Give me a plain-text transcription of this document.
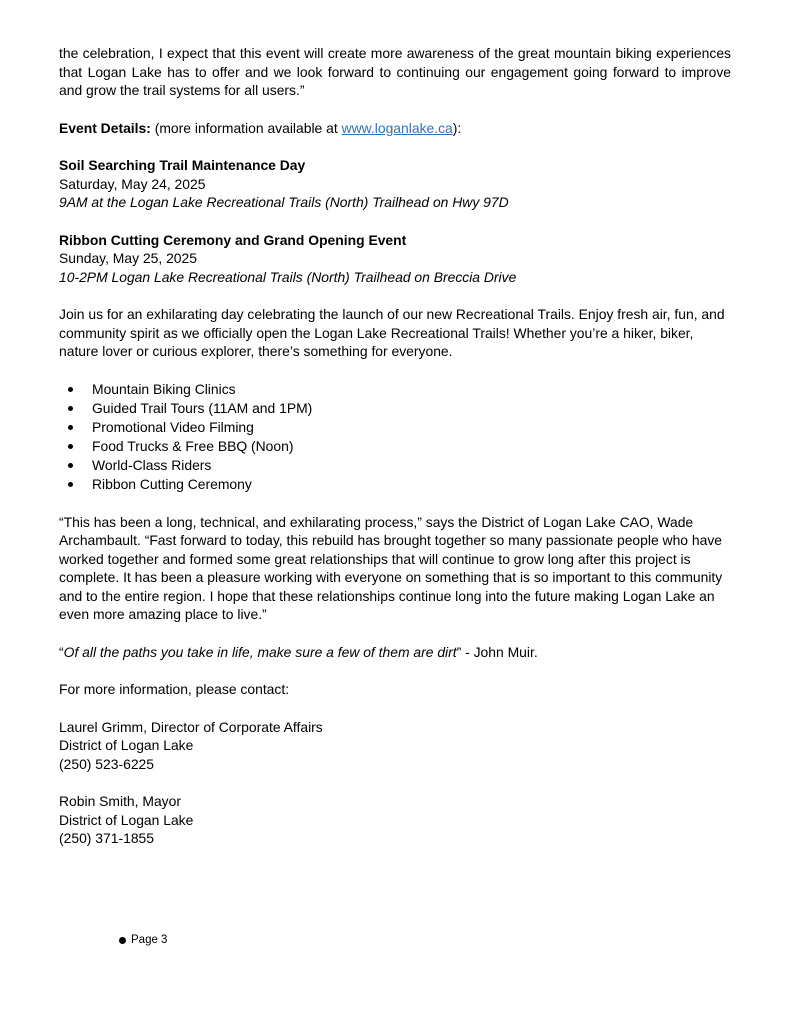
the celebration, I expect that this event will create more awareness of the great mountain biking experiences that Logan Lake has to offer and we look forward to continuing our engagement going forward to improve and grow the trail systems for all users.”

Event Details: (more information available at www.loganlake.ca):

Soil Searching Trail Maintenance Day

Saturday, May 24, 2025

9AM at the Logan Lake Recreational Trails (North) Trailhead on Hwy 97D

Ribbon Cutting Ceremony and Grand Opening Event

Sunday, May 25, 2025

10-2PM Logan Lake Recreational Trails (North) Trailhead on Breccia Drive

Join us for an exhilarating day celebrating the launch of our new Recreational Trails. Enjoy fresh air, fun, and community spirit as we officially open the Logan Lake Recreational Trails! Whether you’re a hiker, biker, nature lover or curious explorer, there’s something for everyone.

Mountain Biking Clinics
Guided Trail Tours (11AM and 1PM)
Promotional Video Filming
Food Trucks & Free BBQ (Noon)
World-Class Riders
Ribbon Cutting Ceremony

“This has been a long, technical, and exhilarating process,” says the District of Logan Lake CAO, Wade Archambault. “Fast forward to today, this rebuild has brought together so many passionate people who have worked together and formed some great relationships that will continue to grow long after this project is complete. It has been a pleasure working with everyone on something that is so important to this community and to the entire region. I hope that these relationships continue long into the future making Logan Lake an even more amazing place to live.”

“Of all the paths you take in life, make sure a few of them are dirt” - John Muir.

For more information, please contact:

Laurel Grimm, Director of Corporate Affairs

District of Logan Lake

(250) 523-6225

Robin Smith, Mayor

District of Logan Lake

(250) 371-1855

Page 3
